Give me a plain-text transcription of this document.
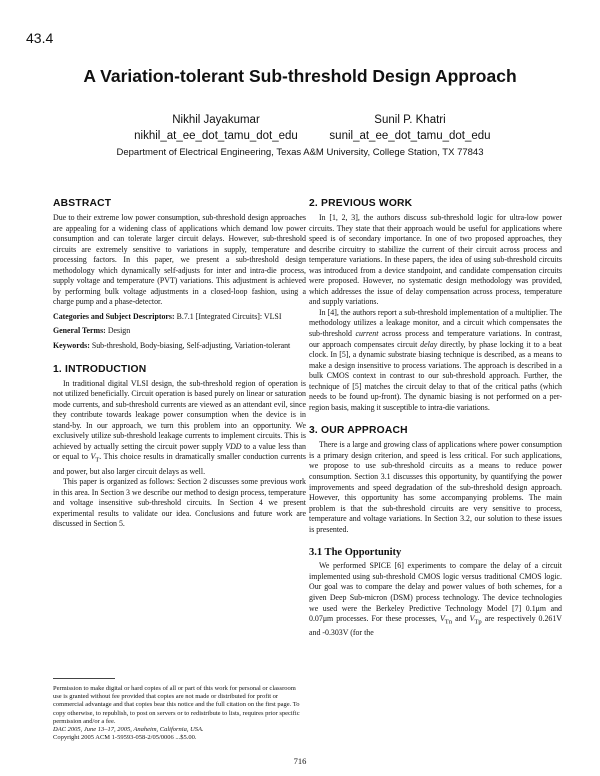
43.4
A Variation-tolerant Sub-threshold Design Approach
Nikhil Jayakumar
nikhil_at_ee_dot_tamu_dot_edu
Sunil P. Khatri
sunil_at_ee_dot_tamu_dot_edu
Department of Electrical Engineering, Texas A&M University, College Station, TX 77843
ABSTRACT

Due to their extreme low power consumption, sub-threshold design approaches are appealing for a widening class of applications which demand low power consumption and can tolerate larger circuit delays. However, sub-threshold circuits are extremely sensitive to variations in supply, temperature and processing factors. In this paper, we present a sub-threshold design methodology which dynamically self-adjusts for inter and intra-die process, supply voltage and temperature (PVT) variations. This adjustment is achieved by performing bulk voltage adjustments in a closed-loop fashion, using a charge pump and a phase-detector.

Categories and Subject Descriptors: B.7.1 [Integrated Circuits]: VLSI

General Terms: Design

Keywords: Sub-threshold, Body-biasing, Self-adjusting, Variation-tolerant

1. INTRODUCTION

In traditional digital VLSI design, the sub-threshold region of operation is not utilized beneficially. Circuit operation is based purely on linear or saturation mode currents, and sub-threshold currents are viewed as an attendant evil, since they contribute towards leakage power consumption when the device is in stand-by. In our approach, we turn this problem into an opportunity. We exclusively utilize sub-threshold leakage currents to implement circuits. This is achieved by actually setting the circuit power supply VDD to a value less than or equal to $V_T$. This choice results in dramatically smaller conduction currents and power, but also larger circuit delays as well.

This paper is organized as follows: Section 2 discusses some previous work in this area. In Section 3 we describe our method to design process, temperature and voltage insensitive sub-threshold circuits. In Section 4 we present experimental results to validate our idea. Conclusions and future work are discussed in Section 5.

Permission to make digital or hard copies of all or part of this work for personal or classroom use is granted without fee provided that copies are not made or distributed for profit or commercial advantage and that copies bear this notice and the full citation on the first page. To copy otherwise, to republish, to post on servers or to redistribute to lists, requires prior specific permission and/or a fee.

DAC 2005, June 13–17, 2005, Anaheim, California, USA.

Copyright 2005 ACM 1-59593-058-2/05/0006 ...$5.00.

2. PREVIOUS WORK

In [1, 2, 3], the authors discuss sub-threshold logic for ultra-low power circuits. They state that their approach would be useful for applications where speed is of secondary importance. In one of two proposed approaches, they describe circuitry to stabilize the current of their circuit across process and temperature variations. In these papers, the idea of using sub-threshold circuits was introduced from a device standpoint, and candidate compensation circuits were proposed. However, no systematic design methodology was provided, which addresses the issue of delay compensation across process, temperature and supply variations.

In [4], the authors report a sub-threshold implementation of a multiplier. The methodology utilizes a leakage monitor, and a circuit which compensates the sub-threshold current across process and temperature variations. In contrast, our approach compensates circuit delay directly, by phase locking it to a beat clock. In [5], a dynamic substrate biasing technique is described, as a means to make a design insensitive to process variations. The approach is described in a bulk CMOS context in contrast to our sub-threshold approach. Further, the technique of [5] matches the circuit delay to that of the critical paths (which needs to be found up-front). The dynamic biasing is not performed on a per-region basis, making it susceptible to intra-die variations.

3. OUR APPROACH

There is a large and growing class of applications where power consumption is a primary design criterion, and speed is less critical. For such applications, we propose to use sub-threshold circuits as a means to reduce power consumption. Section 3.1 discusses this opportunity, by quantifying the power improvements and speed degradation of the sub-threshold design approach. However, this opportunity has some accompanying problems. The main problem is that the sub-threshold circuits are very sensitive to process, temperature and voltage variations. In Section 3.2, our solution to these issues is presented.

3.1 The Opportunity

We performed SPICE [6] experiments to compare the delay of a circuit implemented using sub-threshold CMOS logic versus traditional CMOS logic. Our goal was to compare the delay and power values of both schemes, for a given Deep Sub-micron (DSM) process technology. The device technologies we used were the Berkeley Predictive Technology Model [7] 0.1μm and 0.07μm processes. For these processes, $V_{Tn}$ and $V_{Tp}$ are respectively 0.261V and -0.303V (for the

716
